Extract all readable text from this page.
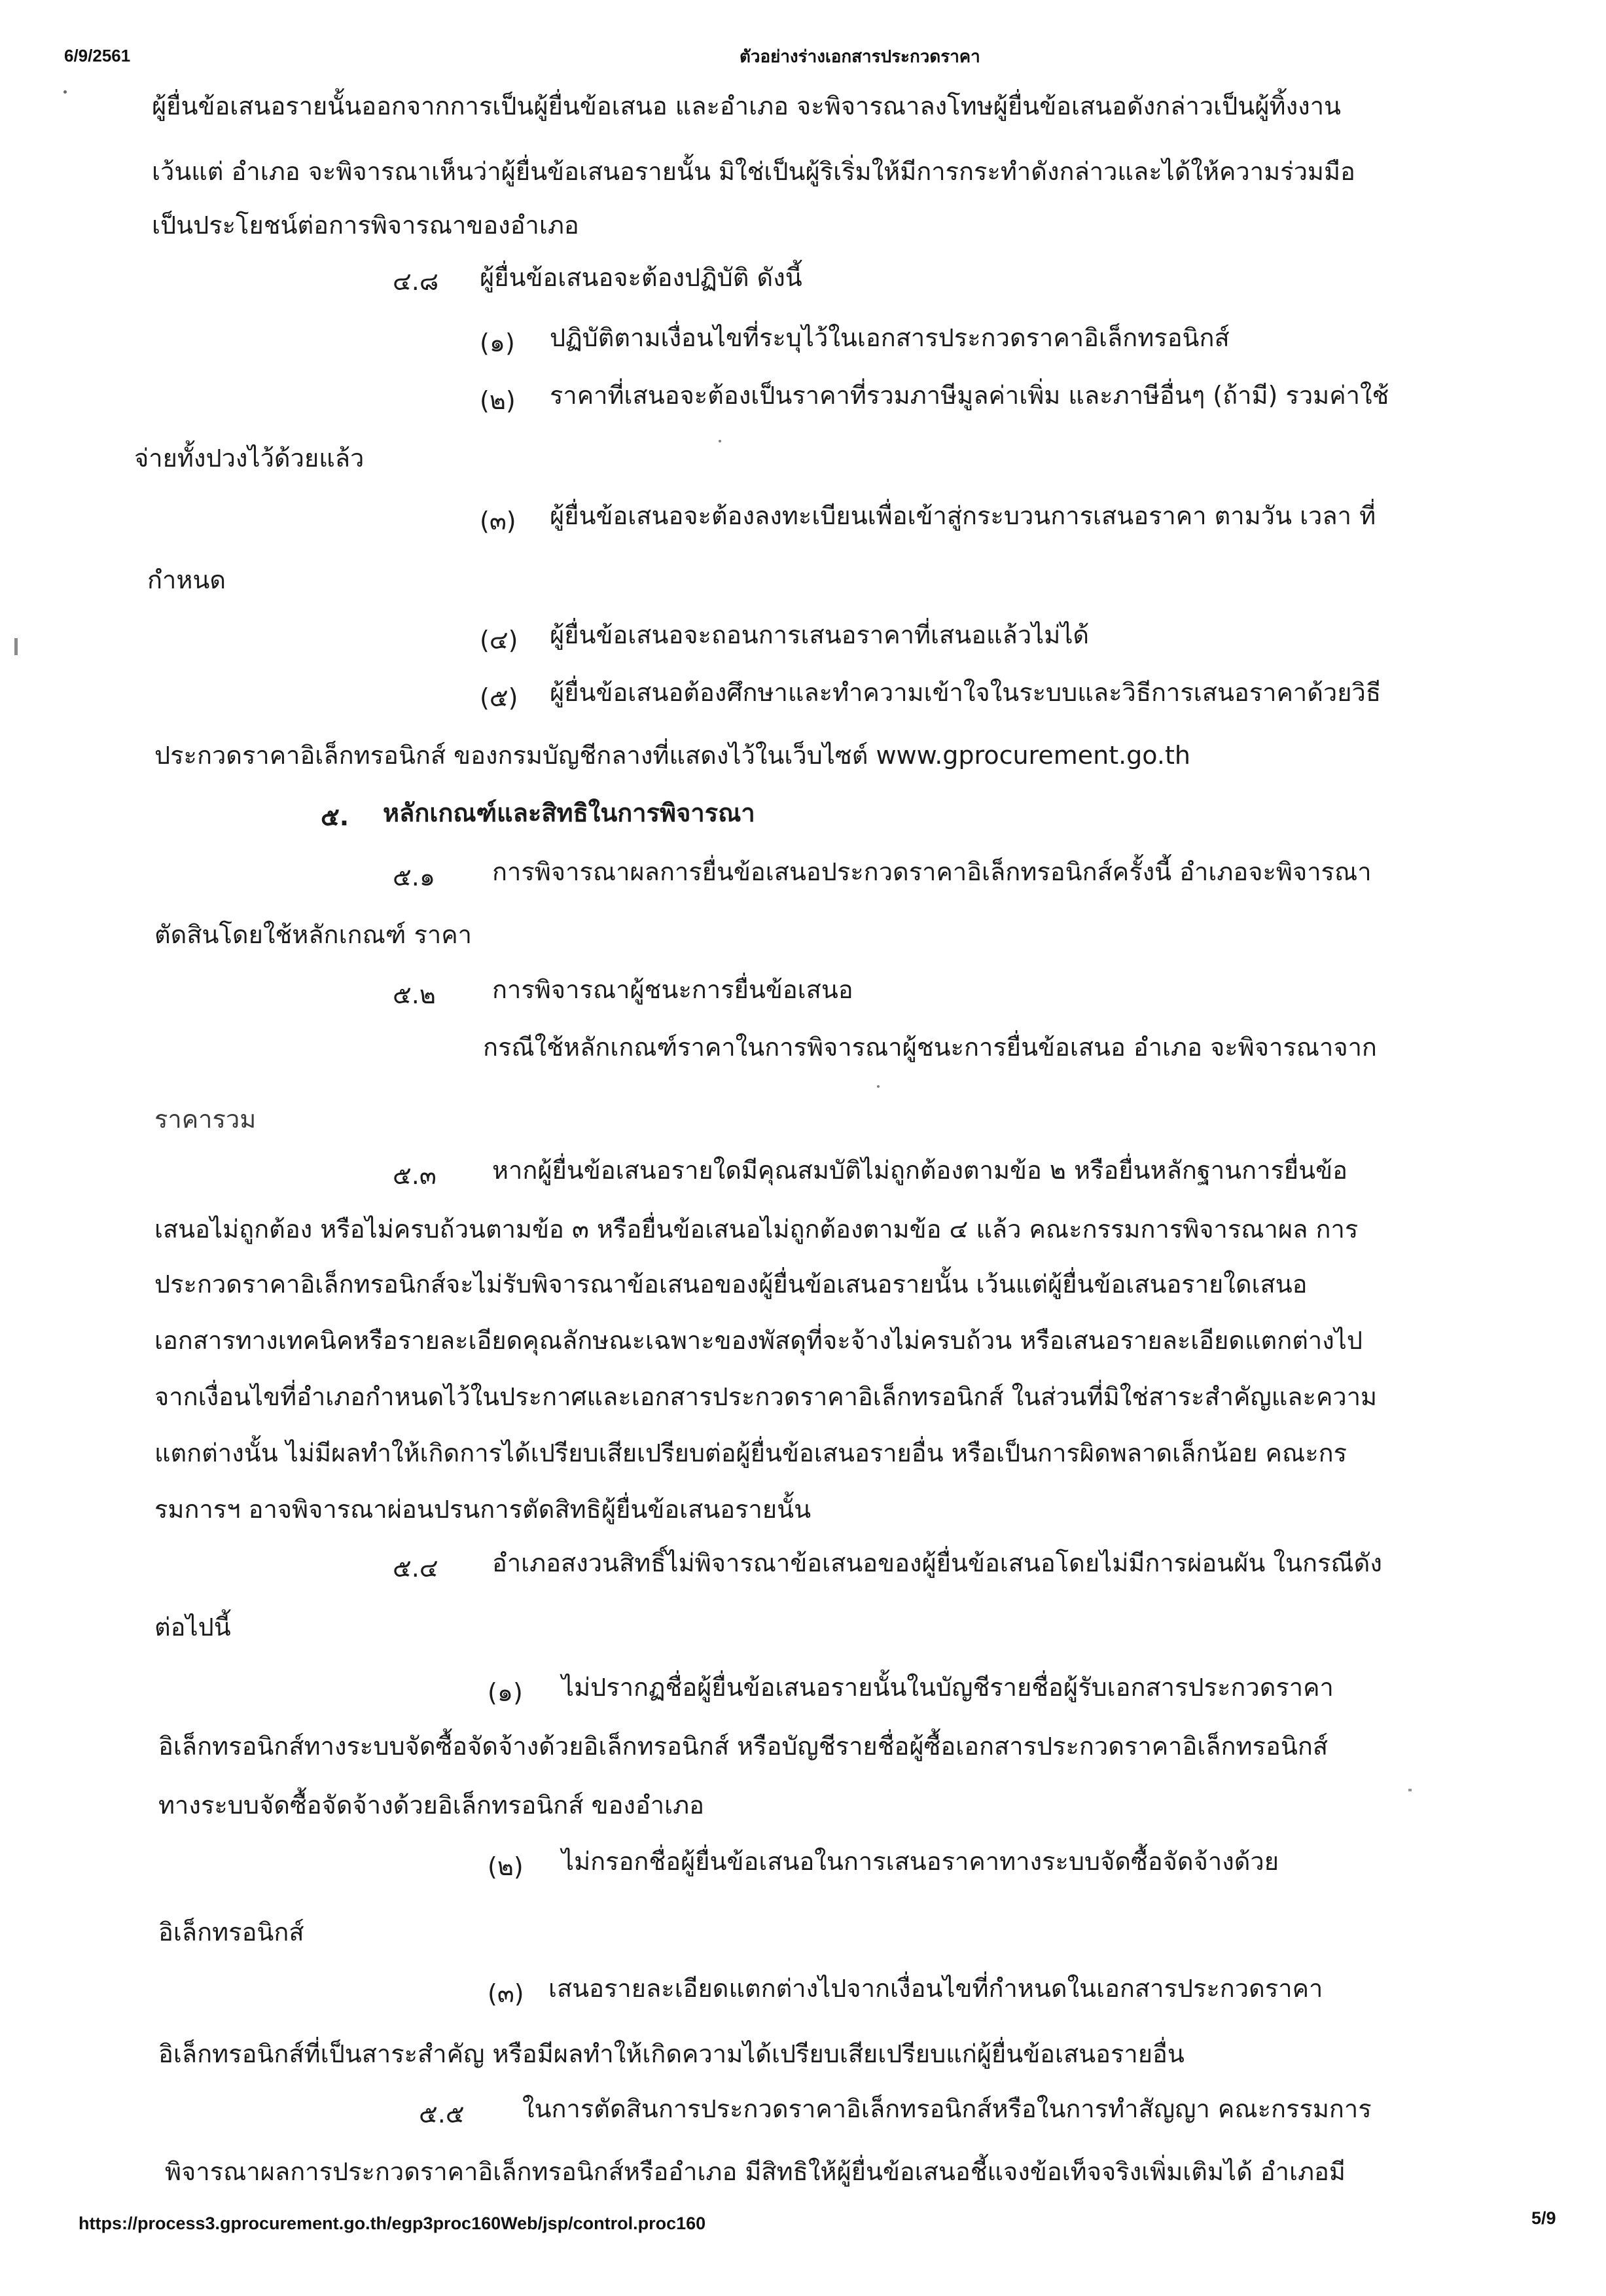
6/9/2561	ตัวอย่างร่างเอกสารประกวดราคา
ผู้ยื่นข้อเสนอรายนั้นออกจากการเป็นผู้ยื่นข้อเสนอ และอำเภอ จะพิจารณาลงโทษผู้ยื่นข้อเสนอดังกล่าวเป็นผู้ทิ้งงาน
เว้นแต่ อำเภอ จะพิจารณาเห็นว่าผู้ยื่นข้อเสนอรายนั้น มิใช่เป็นผู้ริเริ่มให้มีการกระทำดังกล่าวและได้ให้ความร่วมมือ
เป็นประโยชน์ต่อการพิจารณาของอำเภอ
๔.๘ ผู้ยื่นข้อเสนอจะต้องปฏิบัติ ดังนี้
(๑) ปฏิบัติตามเงื่อนไขที่ระบุไว้ในเอกสารประกวดราคาอิเล็กทรอนิกส์
(๒) ราคาที่เสนอจะต้องเป็นราคาที่รวมภาษีมูลค่าเพิ่ม และภาษีอื่นๆ (ถ้ามี) รวมค่าใช้
จ่ายทั้งปวงไว้ด้วยแล้ว
(๓) ผู้ยื่นข้อเสนอจะต้องลงทะเบียนเพื่อเข้าสู่กระบวนการเสนอราคา ตามวัน เวลา ที่
กำหนด
(๔) ผู้ยื่นข้อเสนอจะถอนการเสนอราคาที่เสนอแล้วไม่ได้
(๕) ผู้ยื่นข้อเสนอต้องศึกษาและทำความเข้าใจในระบบและวิธีการเสนอราคาด้วยวิธี
ประกวดราคาอิเล็กทรอนิกส์ ของกรมบัญชีกลางที่แสดงไว้ในเว็บไซต์ www.gprocurement.go.th
๕. หลักเกณฑ์และสิทธิในการพิจารณา
๕.๑ การพิจารณาผลการยื่นข้อเสนอประกวดราคาอิเล็กทรอนิกส์ครั้งนี้ อำเภอจะพิจารณา
ตัดสินโดยใช้หลักเกณฑ์ ราคา
๕.๒ การพิจารณาผู้ชนะการยื่นข้อเสนอ
กรณีใช้หลักเกณฑ์ราคาในการพิจารณาผู้ชนะการยื่นข้อเสนอ อำเภอ จะพิจารณาจาก
ราคารวม
๕.๓ หากผู้ยื่นข้อเสนอรายใดมีคุณสมบัติไม่ถูกต้องตามข้อ ๒ หรือยื่นหลักฐานการยื่นข้อ
เสนอไม่ถูกต้อง หรือไม่ครบถ้วนตามข้อ ๓ หรือยื่นข้อเสนอไม่ถูกต้องตามข้อ ๔ แล้ว คณะกรรมการพิจารณาผล การ
ประกวดราคาอิเล็กทรอนิกส์จะไม่รับพิจารณาข้อเสนอของผู้ยื่นข้อเสนอรายนั้น เว้นแต่ผู้ยื่นข้อเสนอรายใดเสนอ
เอกสารทางเทคนิคหรือรายละเอียดคุณลักษณะเฉพาะของพัสดุที่จะจ้างไม่ครบถ้วน หรือเสนอรายละเอียดแตกต่างไป
จากเงื่อนไขที่อำเภอกำหนดไว้ในประกาศและเอกสารประกวดราคาอิเล็กทรอนิกส์ ในส่วนที่มิใช่สาระสำคัญและความ
แตกต่างนั้น ไม่มีผลทำให้เกิดการได้เปรียบเสียเปรียบต่อผู้ยื่นข้อเสนอรายอื่น หรือเป็นการผิดพลาดเล็กน้อย คณะกร
รมการฯ อาจพิจารณาผ่อนปรนการตัดสิทธิผู้ยื่นข้อเสนอรายนั้น
๕.๔ อำเภอสงวนสิทธิ์ไม่พิจารณาข้อเสนอของผู้ยื่นข้อเสนอโดยไม่มีการผ่อนผัน ในกรณีดัง
ต่อไปนี้
(๑) ไม่ปรากฏชื่อผู้ยื่นข้อเสนอรายนั้นในบัญชีรายชื่อผู้รับเอกสารประกวดราคา
อิเล็กทรอนิกส์ทางระบบจัดซื้อจัดจ้างด้วยอิเล็กทรอนิกส์ หรือบัญชีรายชื่อผู้ซื้อเอกสารประกวดราคาอิเล็กทรอนิกส์
ทางระบบจัดซื้อจัดจ้างด้วยอิเล็กทรอนิกส์ ของอำเภอ
(๒) ไม่กรอกชื่อผู้ยื่นข้อเสนอในการเสนอราคาทางระบบจัดซื้อจัดจ้างด้วย
อิเล็กทรอนิกส์
(๓) เสนอรายละเอียดแตกต่างไปจากเงื่อนไขที่กำหนดในเอกสารประกวดราคา
อิเล็กทรอนิกส์ที่เป็นสาระสำคัญ หรือมีผลทำให้เกิดความได้เปรียบเสียเปรียบแก่ผู้ยื่นข้อเสนอรายอื่น
๕.๕ ในการตัดสินการประกวดราคาอิเล็กทรอนิกส์หรือในการทำสัญญา คณะกรรมการ
พิจารณาผลการประกวดราคาอิเล็กทรอนิกส์หรืออำเภอ มีสิทธิให้ผู้ยื่นข้อเสนอชี้แจงข้อเท็จจริงเพิ่มเติมได้ อำเภอมี
https://process3.gprocurement.go.th/egp3proc160Web/jsp/control.proc160	5/9
